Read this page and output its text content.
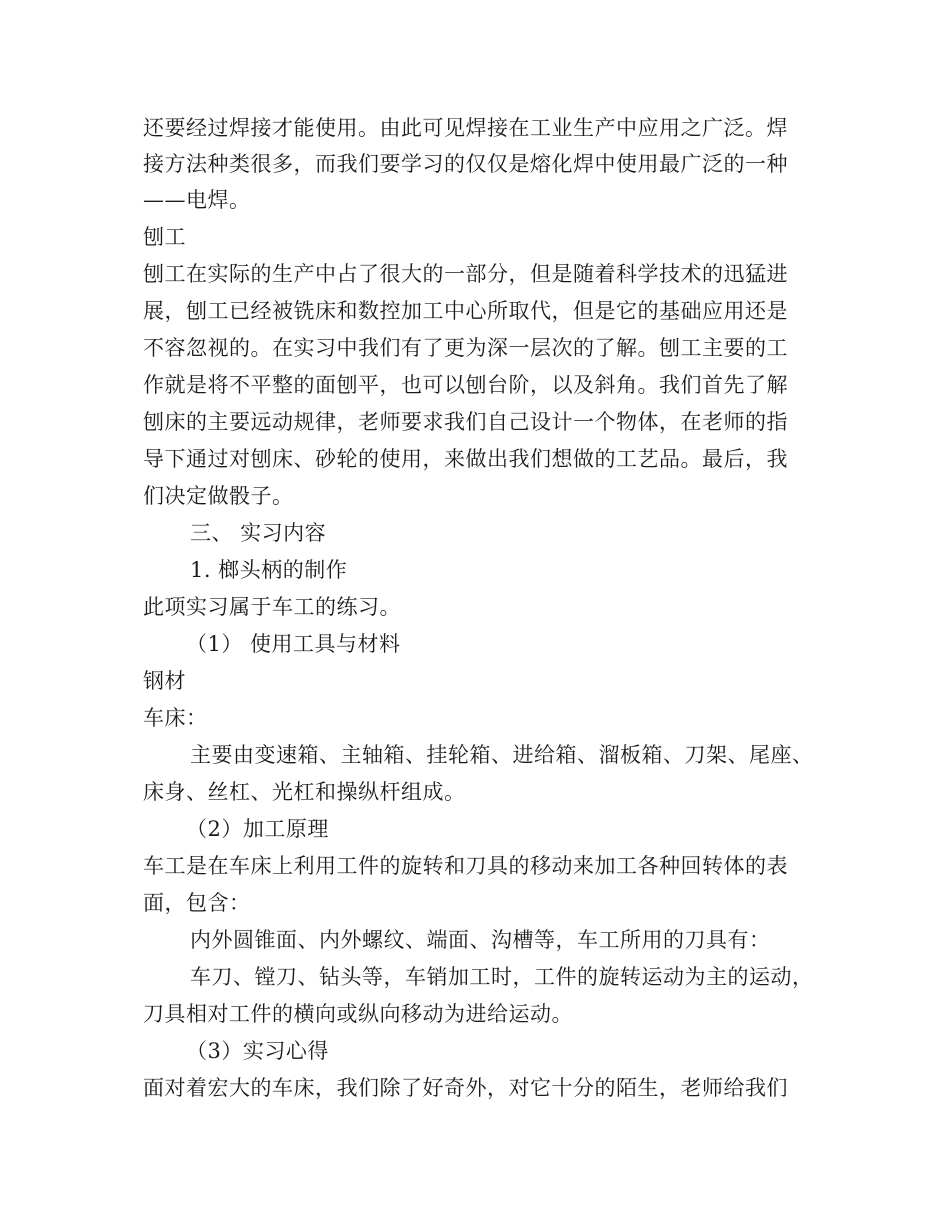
还要经过焊接才能使用。由此可见焊接在工业生产中应用之广泛。焊
接方法种类很多，而我们要学习的仅仅是熔化焊中使用最广泛的一种
——电焊。
刨工
刨工在实际的生产中占了很大的一部分，但是随着科学技术的迅猛进
展，刨工已经被铣床和数控加工中心所取代，但是它的基础应用还是
不容忽视的。在实习中我们有了更为深一层次的了解。刨工主要的工
作就是将不平整的面刨平，也可以刨台阶，以及斜角。我们首先了解
刨床的主要远动规律，老师要求我们自己设计一个物体，在老师的指
导下通过对刨床、砂轮的使用，来做出我们想做的工艺品。最后，我
们决定做骰子。
三、 实习内容
1. 榔头柄的制作
此项实习属于车工的练习。
（1） 使用工具与材料
钢材
车床：
主要由变速箱、主轴箱、挂轮箱、进给箱、溜板箱、刀架、尾座、
床身、丝杠、光杠和操纵杆组成。
（2）加工原理
车工是在车床上利用工件的旋转和刀具的移动来加工各种回转体的表
面，包含：
内外圆锥面、内外螺纹、端面、沟槽等，车工所用的刀具有：
车刀、镗刀、钻头等，车销加工时，工件的旋转运动为主的运动，
刀具相对工件的横向或纵向移动为进给运动。
（3）实习心得
面对着宏大的车床，我们除了好奇外，对它十分的陌生，老师给我们
